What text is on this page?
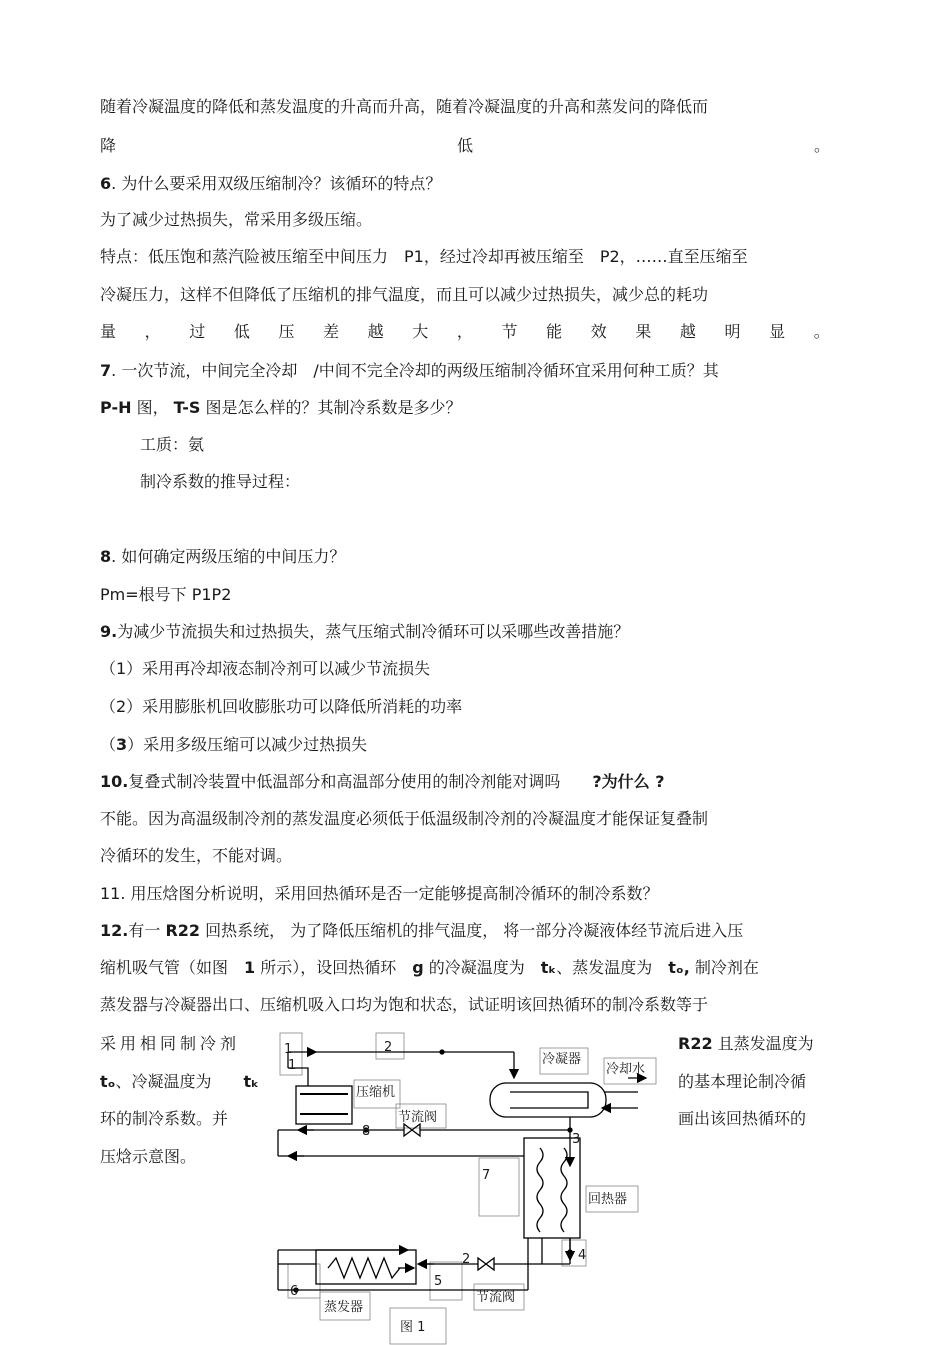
随着冷凝温度的降低和蒸发温度的升高而升高，随着冷凝温度的升高和蒸发问的降低而
降	低	。
6. 为什么要采用双级压缩制冷？该循环的特点？
为了减少过热损失，常采用多级压缩。
特点：低压饱和蒸汽险被压缩至中间压力　P1，经过冷却再被压缩至　P2，……直至压缩至
冷凝压力，这样不但降低了压缩机的排气温度，而且可以减少过热损失，减少总的耗功
量 ， 过 低 压 差 越 大 ， 节 能 效 果 越 明 显 。
7. 一次节流，中间完全冷却　/中间不完全冷却的两级压缩制冷循环宜采用何种工质？其
P-H 图， T-S 图是怎么样的？其制冷系数是多少？
工质：氨
制冷系数的推导过程：
8. 如何确定两级压缩的中间压力？
Pm=根号下 P1P2
9.为减少节流损失和过热损失，蒸气压缩式制冷循环可以采哪些改善措施？
（1）采用再冷却液态制冷剂可以减少节流损失
（2）采用膨胀机回收膨胀功可以降低所消耗的功率
（3）采用多级压缩可以减少过热损失
10.复叠式制冷装置中低温部分和高温部分使用的制冷剂能对调吗　　?为什么 ?
不能。因为高温级制冷剂的蒸发温度必须低于低温级制冷剂的冷凝温度才能保证复叠制
冷循环的发生，不能对调。
11. 用压焓图分析说明，采用回热循环是否一定能够提高制冷循环的制冷系数？
12.有一 R22 回热系统， 为了降低压缩机的排气温度， 将一部分冷凝液体经节流后进入压
缩机吸气管（如图　1 所示），设回热循环　g 的冷凝温度为　tₖ、蒸发温度为　tₒ, 制冷剂在
蒸发器与冷凝器出口、压缩机吸入口均为饱和状态，试证明该回热循环的制冷系数等于
采用相同制冷剂
tₒ、冷凝温度为　　tₖ
环的制冷系数。并
压焓示意图。
R22 且蒸发温度为
的基本理论制冷循
画出该回热循环的
冷凝器
冷却水
压缩机
节流阀
回热器
蒸发器
节流阀
图 1
1
1
2
3
4
5
6
7
8
2
